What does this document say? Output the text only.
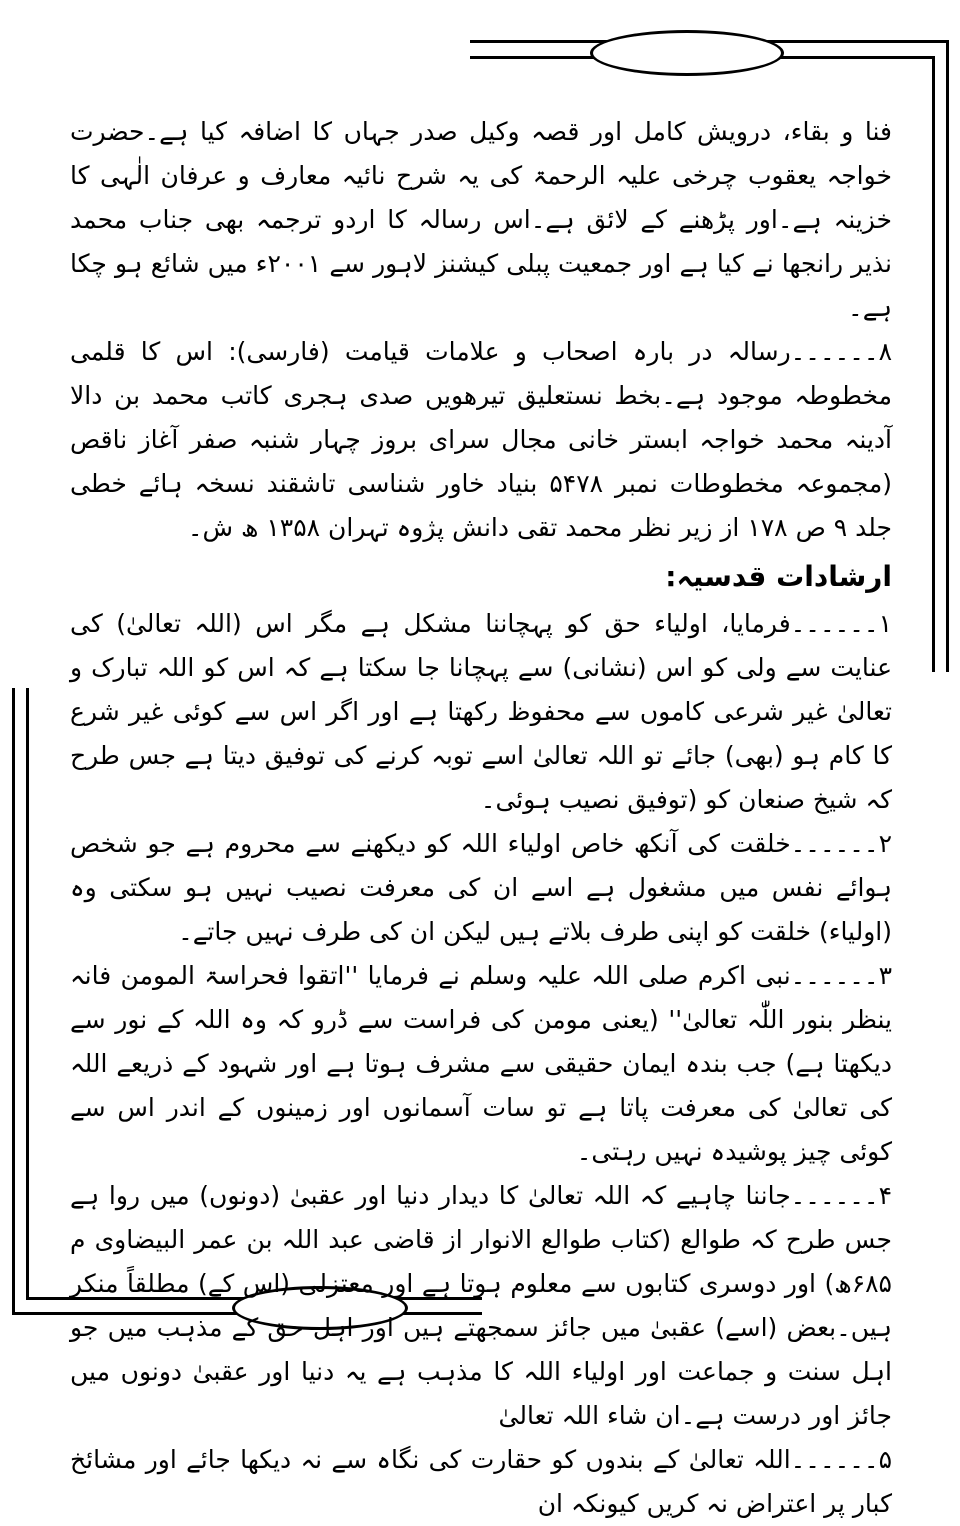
فنا و بقاء، درویش کامل اور قصہ وکیل صدر جہاں کا اضافہ کیا ہے۔حضرت خواجہ یعقوب چرخی علیہ الرحمۃ کی یہ شرح نائیہ معارف و عرفان الٰہی کا خزینہ ہے۔اور پڑھنے کے لائق ہے۔اس رسالہ کا اردو ترجمہ بھی جناب محمد نذیر رانجھا نے کیا ہے اور جمعیت پبلی کیشنز لاہور سے ۲۰۰۱ء میں شائع ہو چکا ہے۔

۸۔۔۔۔۔۔رسالہ در بارہ اصحاب و علامات قیامت (فارسی): اس کا قلمی مخطوطہ موجود ہے۔بخط نستعلیق تیرھویں صدی ہجری کاتب محمد بن دالا آدینہ محمد خواجہ ابستر خانی مجال سرای بروز چہار شنبہ صفر آغاز ناقص (مجموعہ مخطوطات نمبر ۵۴۷۸ بنیاد خاور شناسی تاشقند نسخہ ہائے خطی جلد ۹ ص ۱۷۸ از زیر نظر محمد تقی دانش پژوہ تہران ۱۳۵۸ ھ ش۔

ارشادات قدسیہ:

۱۔۔۔۔۔۔فرمایا، اولیاء حق کو پہچاننا مشکل ہے مگر اس (اللہ تعالیٰ) کی عنایت سے ولی کو اس (نشانی) سے پہچانا جا سکتا ہے کہ اس کو اللہ تبارک و تعالیٰ غیر شرعی کاموں سے محفوظ رکھتا ہے اور اگر اس سے کوئی غیر شرع کا کام ہو (بھی) جائے تو اللہ تعالیٰ اسے توبہ کرنے کی توفیق دیتا ہے جس طرح کہ شیخ صنعان کو (توفیق نصیب ہوئی۔

۲۔۔۔۔۔۔خلقت کی آنکھ خاص اولیاء اللہ کو دیکھنے سے محروم ہے جو شخص ہوائے نفس میں مشغول ہے اسے ان کی معرفت نصیب نہیں ہو سکتی وہ (اولیاء) خلقت کو اپنی طرف بلاتے ہیں لیکن ان کی طرف نہیں جاتے۔

۳۔۔۔۔۔۔نبی اکرم صلی اللہ علیہ وسلم نے فرمایا ''اتقوا فحراسۃ المومن فانہ ینظر بنور اللّٰہ تعالیٰ'' (یعنی مومن کی فراست سے ڈرو کہ وہ اللہ کے نور سے دیکھتا ہے) جب بندہ ایمان حقیقی سے مشرف ہوتا ہے اور شہود کے ذریعے اللہ کی تعالیٰ کی معرفت پاتا ہے تو سات آسمانوں اور زمینوں کے اندر اس سے کوئی چیز پوشیدہ نہیں رہتی۔

۴۔۔۔۔۔۔جاننا چاہیے کہ اللہ تعالیٰ کا دیدار دنیا اور عقبیٰ (دونوں) میں روا ہے جس طرح کہ طوالع (کتاب طوالع الانوار از قاضی عبد اللہ بن عمر البیضاوی م ۶۸۵ھ) اور دوسری کتابوں سے معلوم ہوتا ہے اور معتزلی (اس کے) مطلقاً منکر ہیں۔بعض (اسے) عقبیٰ میں جائز سمجھتے ہیں اور اہل حق کے مذہب میں جو اہل سنت و جماعت اور اولیاء اللہ کا مذہب ہے یہ دنیا اور عقبیٰ دونوں میں جائز اور درست ہے۔ان شاء اللہ تعالیٰ

۵۔۔۔۔۔۔اللہ تعالیٰ کے بندوں کو حقارت کی نگاہ سے نہ دیکھا جائے اور مشائخ کبار پر اعتراض نہ کریں کیونکہ ان
